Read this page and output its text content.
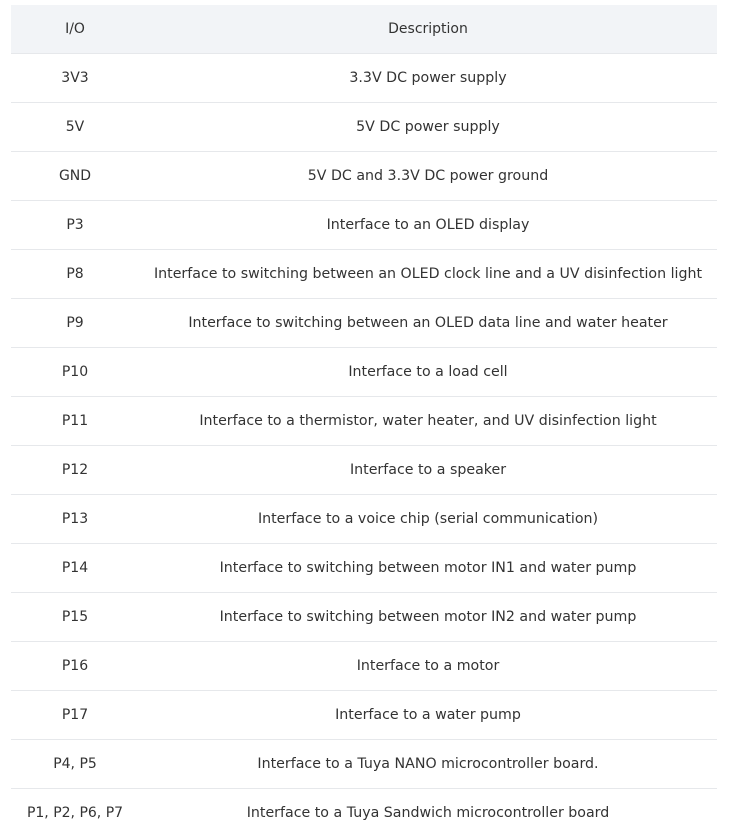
I/O	Description
3V3	3.3V DC power supply
5V	5V DC power supply
GND	5V DC and 3.3V DC power ground
P3	Interface to an OLED display
P8	Interface to switching between an OLED clock line and a UV disinfection light
P9	Interface to switching between an OLED data line and water heater
P10	Interface to a load cell
P11	Interface to a thermistor, water heater, and UV disinfection light
P12	Interface to a speaker
P13	Interface to a voice chip (serial communication)
P14	Interface to switching between motor IN1 and water pump
P15	Interface to switching between motor IN2 and water pump
P16	Interface to a motor
P17	Interface to a water pump
P4, P5	Interface to a Tuya NANO microcontroller board.
P1, P2, P6, P7	Interface to a Tuya Sandwich microcontroller board
